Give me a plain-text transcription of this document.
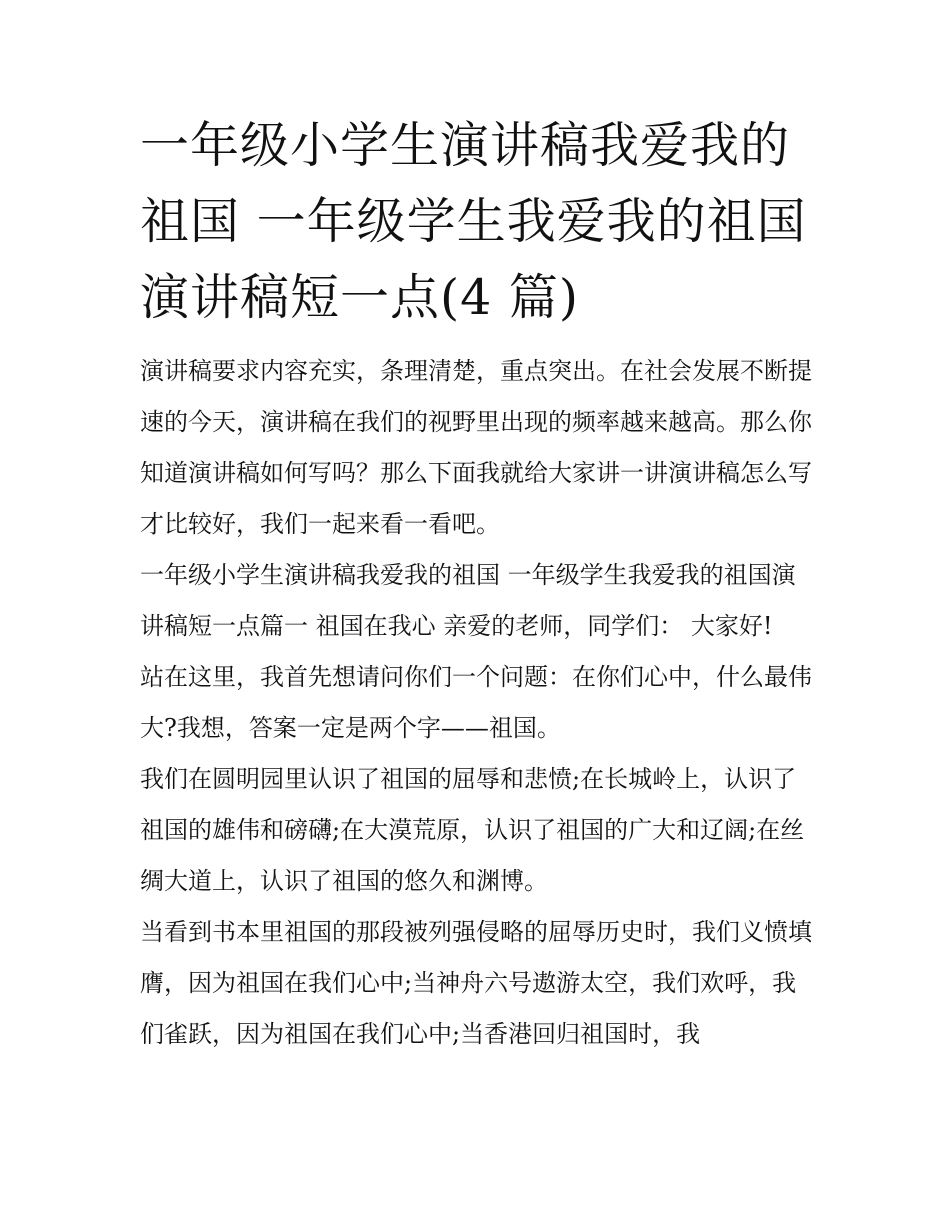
一年级小学生演讲稿我爱我的祖国 一年级学生我爱我的祖国演讲稿短一点(4 篇)

演讲稿要求内容充实，条理清楚，重点突出。在社会发展不断提速的今天，演讲稿在我们的视野里出现的频率越来越高。那么你知道演讲稿如何写吗？那么下面我就给大家讲一讲演讲稿怎么写才比较好，我们一起来看一看吧。

一年级小学生演讲稿我爱我的祖国 一年级学生我爱我的祖国演讲稿短一点篇一 祖国在我心 亲爱的老师，同学们： 大家好!

站在这里，我首先想请问你们一个问题：在你们心中，什么最伟大?我想，答案一定是两个字——祖国。

我们在圆明园里认识了祖国的屈辱和悲愤;在长城岭上，认识了祖国的雄伟和磅礴;在大漠荒原，认识了祖国的广大和辽阔;在丝绸大道上，认识了祖国的悠久和渊博。

当看到书本里祖国的那段被列强侵略的屈辱历史时，我们义愤填膺，因为祖国在我们心中;当神舟六号遨游太空，我们欢呼，我们雀跃，因为祖国在我们心中;当香港回归祖国时，我
